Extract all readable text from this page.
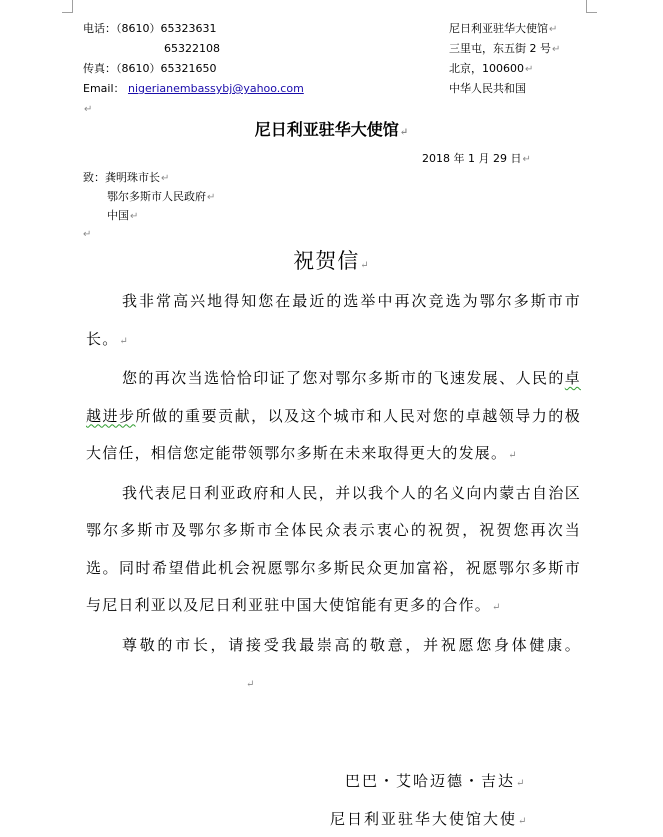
电话：（8610）65323631
65322108
传真：（8610）65321650
Email： nigerianembassybj@yahoo.com
↵
尼日利亚驻华大使馆↵
三里屯，东五街 2 号↵
北京，100600↵
中华人民共和国
尼日利亚驻华大使馆↵
2018 年 1 月 29 日↵
致：龚明珠市长↵
鄂尔多斯市人民政府↵
中国↵
↵
祝贺信↵

我非常高兴地得知您在最近的选举中再次竞选为鄂尔多斯市市长。↵

您的再次当选恰恰印证了您对鄂尔多斯市的飞速发展、人民的卓越进步所做的重要贡献，以及这个城市和人民对您的卓越领导力的极大信任，相信您定能带领鄂尔多斯在未来取得更大的发展。↵

我代表尼日利亚政府和人民，并以我个人的名义向内蒙古自治区鄂尔多斯市及鄂尔多斯市全体民众表示衷心的祝贺，祝贺您再次当选。同时希望借此机会祝愿鄂尔多斯民众更加富裕，祝愿鄂尔多斯市与尼日利亚以及尼日利亚驻中国大使馆能有更多的合作。↵

尊敬的市长，请接受我最崇高的敬意，并祝愿您身体健康。↵

巴巴・艾哈迈德・吉达↵
尼日利亚驻华大使馆大使↵
